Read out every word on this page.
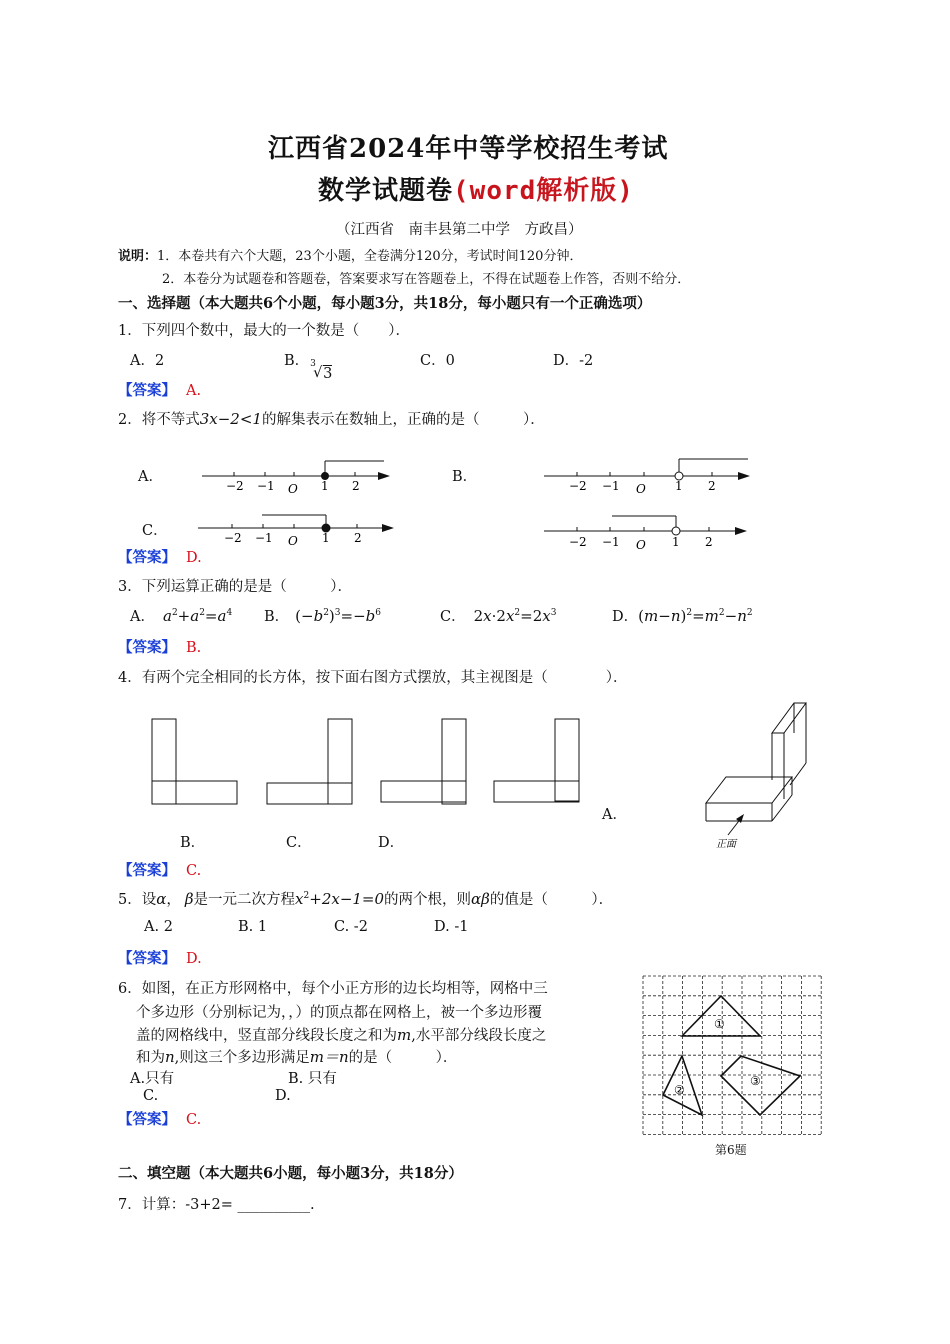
江西省2024年中等学校招生考试
数学试题卷(word解析版)
（江西省　南丰县第二中学　方政昌）
说明：1．本卷共有六个大题，23个小题，全卷满分120分，考试时间120分钟．
2．本卷分为试题卷和答题卷，答案要求写在答题卷上，不得在试题卷上作答，否则不给分．
一、选择题（本大题共6个小题，每小题3分，共18分，每小题只有一个正确选项）
1．下列四个数中，最大的一个数是（　　）．
A．2	B． 3
√ 3
C．0	D．-2
【答案】 A.
2．将不等式3x−2<1的解集表示在数轴上，正确的是（　　　）．
A．	B．
C．
−2 −1 O 1 2	−2 −1 O 1 2
−2 −1 O 1 2	−2 −1 O 1 2
【答案】 D.
3．下列运算正确的是是（　　　）．
A． $a^2+a^2=a^4$ B． $(-b^2)^3=-b^6$	C． $2x\cdot 2x^2=2x^3$	D．$(m-n)^2=m^2-n^2$
【答案】 B.
4．有两个完全相同的长方体，按下面右图方式摆放，其主视图是（　　　　）．
A．
B．	C．	D．	正面
【答案】 C.
5．设α， β是一元二次方程$x^2+2x-1=0$的两个根，则αβ的值是（　　　）．
A. 2	B. 1	C. -2	D. -1
【答案】 D.
6．如图，在正方形网格中，每个小正方形的边长均相等，网格中三
个多边形（分别标记为，，）的顶点都在网格上，被一个多边形覆
盖的网格线中，竖直部分线段长度之和为m,水平部分线段长度之
和为n,则这三个多边形满足m＝n的是（　　　）．
A.只有	B. 只有
C.	D.
【答案】 C.
①
②
③
第6题
二、填空题（本大题共6小题，每小题3分，共18分）
7．计算：-3+2= __________.
